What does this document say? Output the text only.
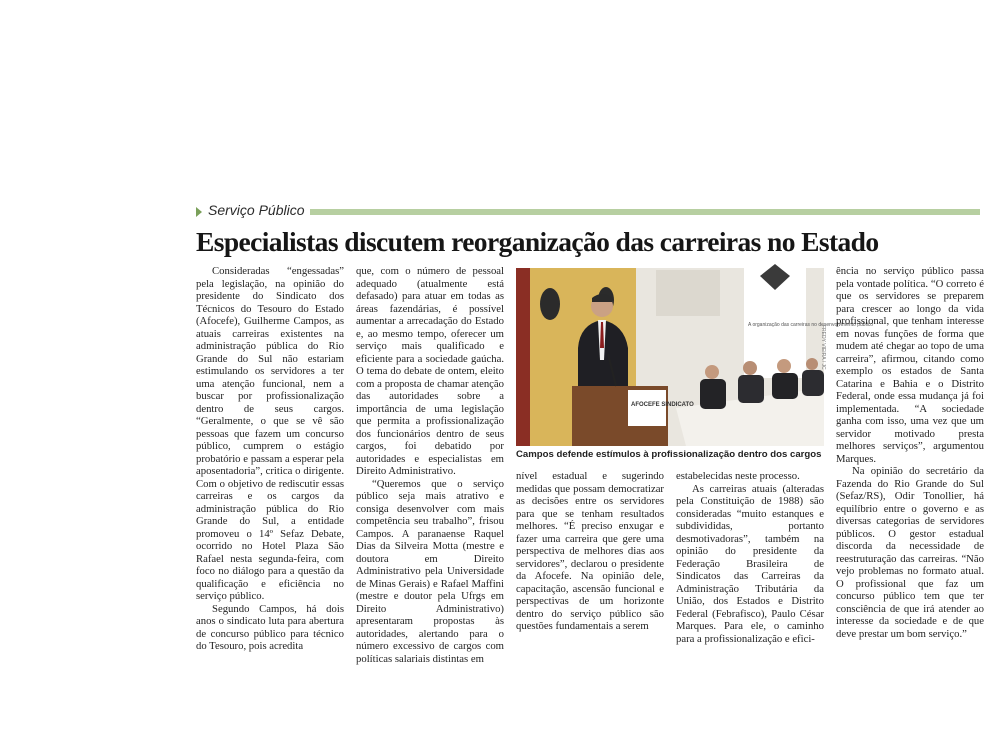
Serviço Público
Especialistas discutem reorganização das carreiras no Estado

Consideradas “engessadas” pela legislação, na opinião do presidente do Sindicato dos Técnicos do Tesouro do Estado (Afocefe), Guilherme Campos, as atuais carreiras existentes na administração pública do Rio Grande do Sul não estariam estimulando os servidores a ter uma atenção funcional, nem a buscar por profissionalização dentro de seus cargos. “Geralmente, o que se vê são pessoas que fazem um concurso público, cumprem o estágio probatório e passam a esperar pela aposentadoria”, critica o dirigente. Com o objetivo de rediscutir essas carreiras e os cargos da administração pública do Rio Grande do Sul, a entidade promoveu o 14º Sefaz Debate, ocorrido no Hotel Plaza São Rafael nesta segunda-feira, com foco no diálogo para a questão da qualificação e eficiência no serviço público.

Segundo Campos, há dois anos o sindicato luta para abertura de concurso público para técnico do Tesouro, pois acredita

que, com o número de pessoal adequado (atualmente está defasado) para atuar em todas as áreas fazendárias, é possível aumentar a arrecadação do Estado e, ao mesmo tempo, oferecer um serviço mais qualificado e eficiente para a sociedade gaúcha. O tema do debate de ontem, eleito com a proposta de chamar atenção das autoridades sobre a importância de uma legislação que permita a profissionalização dos funcionários dentro de seus cargos, foi debatido por autoridades e especialistas em Direito Administrativo.

“Queremos que o serviço público seja mais atrativo e consiga desenvolver com mais competência seu trabalho”, frisou Campos. A paranaense Raquel Dias da Silveira Motta (mestre e doutora em Direito Administrativo pela Universidade de Minas Gerais) e Rafael Maffini (mestre e doutor pela Ufrgs em Direito Administrativo) apresentaram propostas às autoridades, alertando para o número excessivo de cargos com políticas salariais distintas em

A organização das carreiras no desenvolvimento público
AFOCEFE SINDICATO
FREDY VIEIRA / JC
Campos defende estímulos à profissionalização dentro dos cargos

nível estadual e sugerindo medidas que possam democratizar as decisões entre os servidores para que se tenham resultados melhores. “É preciso enxugar e fazer uma carreira que gere uma perspectiva de melhores dias aos servidores”, declarou o presidente da Afocefe. Na opinião dele, capacitação, ascensão funcional e perspectivas de um horizonte dentro do serviço público são questões fundamentais a serem

estabelecidas neste processo.

As carreiras atuais (alteradas pela Constituição de 1988) são consideradas “muito estanques e subdivididas, portanto desmotivadoras”, também na opinião do presidente da Federação Brasileira de Sindicatos das Carreiras da Administração Tributária da União, dos Estados e Distrito Federal (Febrafisco), Paulo César Marques. Para ele, o caminho para a profissionalização e efici-

ência no serviço público passa pela vontade política. “O correto é que os servidores se preparem para crescer ao longo da vida profissional, que tenham interesse em novas funções de forma que mudem até chegar ao topo de uma carreira”, afirmou, citando como exemplo os estados de Santa Catarina e Bahia e o Distrito Federal, onde essa mudança já foi implementada. “A sociedade ganha com isso, uma vez que um servidor motivado presta melhores serviços”, argumentou Marques.

Na opinião do secretário da Fazenda do Rio Grande do Sul (Sefaz/RS), Odir Tonollier, há equilíbrio entre o governo e as diversas categorias de servidores públicos. O gestor estadual discorda da necessidade de reestruturação das carreiras. “Não vejo problemas no formato atual. O profissional que faz um concurso público tem que ter consciência de que irá atender ao interesse da sociedade e de que deve prestar um bom serviço.”
